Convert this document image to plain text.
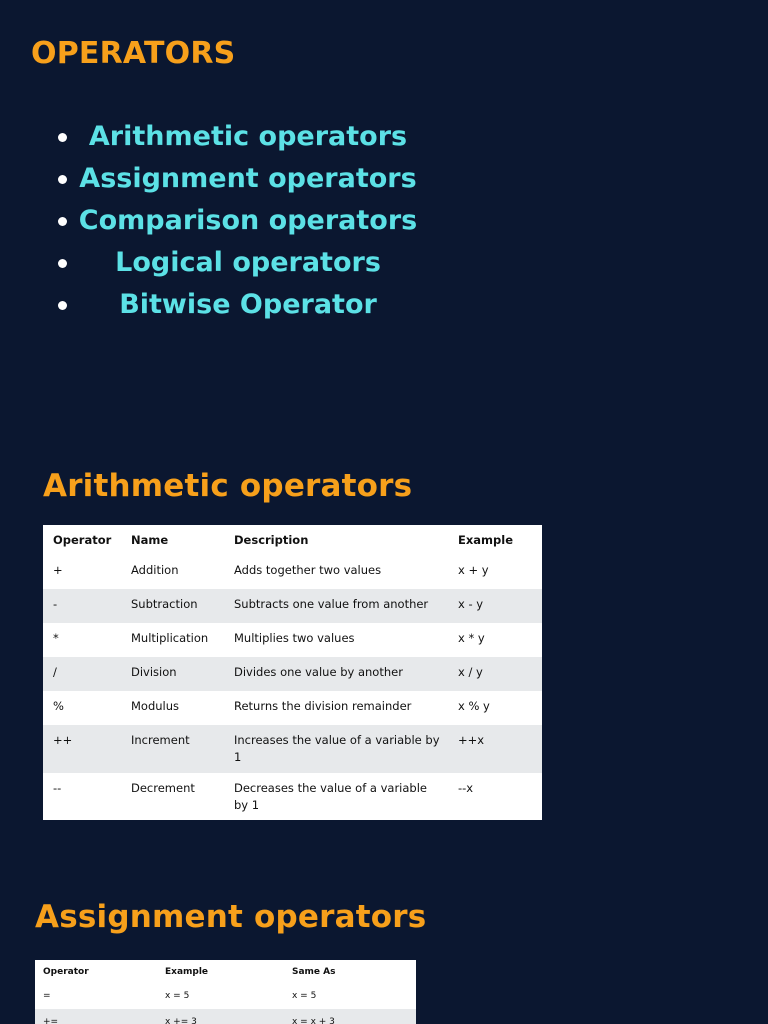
OPERATORS
Arithmetic operators
Assignment operators
Comparison operators
Logical operators
Bitwise Operator
Arithmetic operators
Operator	Name	Description	Example
+	Addition	Adds together two values	x + y
-	Subtraction	Subtracts one value from another	x - y
*	Multiplication	Multiplies two values	x * y
/	Division	Divides one value by another	x / y
%	Modulus	Returns the division remainder	x % y
++	Increment	Increases the value of a variable by 1	++x
--	Decrement	Decreases the value of a variable by 1	--x
Assignment operators
Operator	Example	Same As
=	x = 5	x = 5
+=	x += 3	x = x + 3
